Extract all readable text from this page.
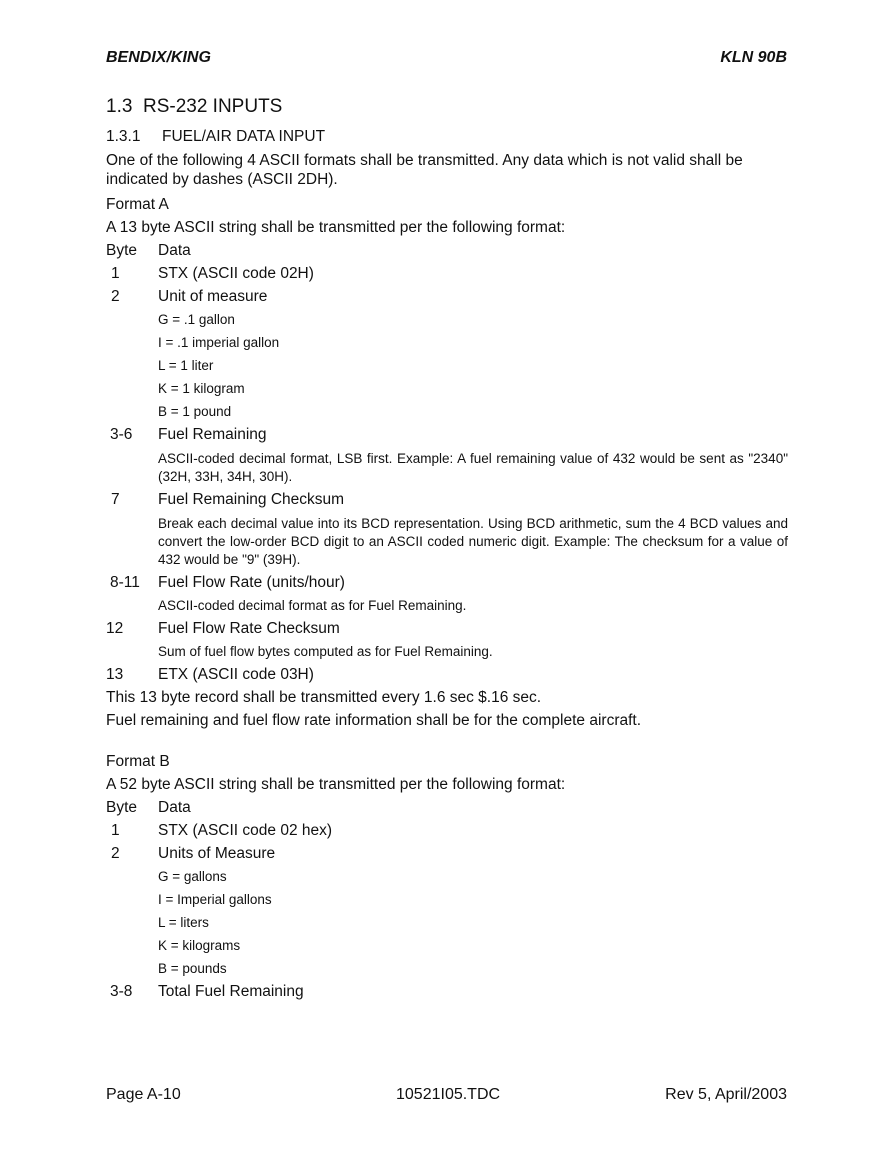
BENDIX/KING	KLN 90B
1.3 RS-232 INPUTS
1.3.1 FUEL/AIR DATA INPUT
One of the following 4 ASCII formats shall be transmitted. Any data which is not valid shall be indicated by dashes (ASCII 2DH).
Format A
A 13 byte ASCII string shall be transmitted per the following format:
Byte	Data
1	STX (ASCII code 02H)
2	Unit of measure
G = .1 gallon
I = .1 imperial gallon
L = 1 liter
K = 1 kilogram
B = 1 pound
3-6	Fuel Remaining
ASCII-coded decimal format, LSB first. Example: A fuel remaining value of 432 would be sent as "2340" (32H, 33H, 34H, 30H).
7	Fuel Remaining Checksum
Break each decimal value into its BCD representation. Using BCD arithmetic, sum the 4 BCD values and convert the low-order BCD digit to an ASCII coded numeric digit. Example: The checksum for a value of 432 would be "9" (39H).
8-11	Fuel Flow Rate (units/hour)
ASCII-coded decimal format as for Fuel Remaining.
12	Fuel Flow Rate Checksum
Sum of fuel flow bytes computed as for Fuel Remaining.
13	ETX (ASCII code 03H)
This 13 byte record shall be transmitted every 1.6 sec $.16 sec.
Fuel remaining and fuel flow rate information shall be for the complete aircraft.
Format B
A 52 byte ASCII string shall be transmitted per the following format:
Byte	Data
1	STX (ASCII code 02 hex)
2	Units of Measure
G = gallons
I = Imperial gallons
L = liters
K = kilograms
B = pounds
3-8	Total Fuel Remaining
Page A-10	10521I05.TDC	Rev 5, April/2003
